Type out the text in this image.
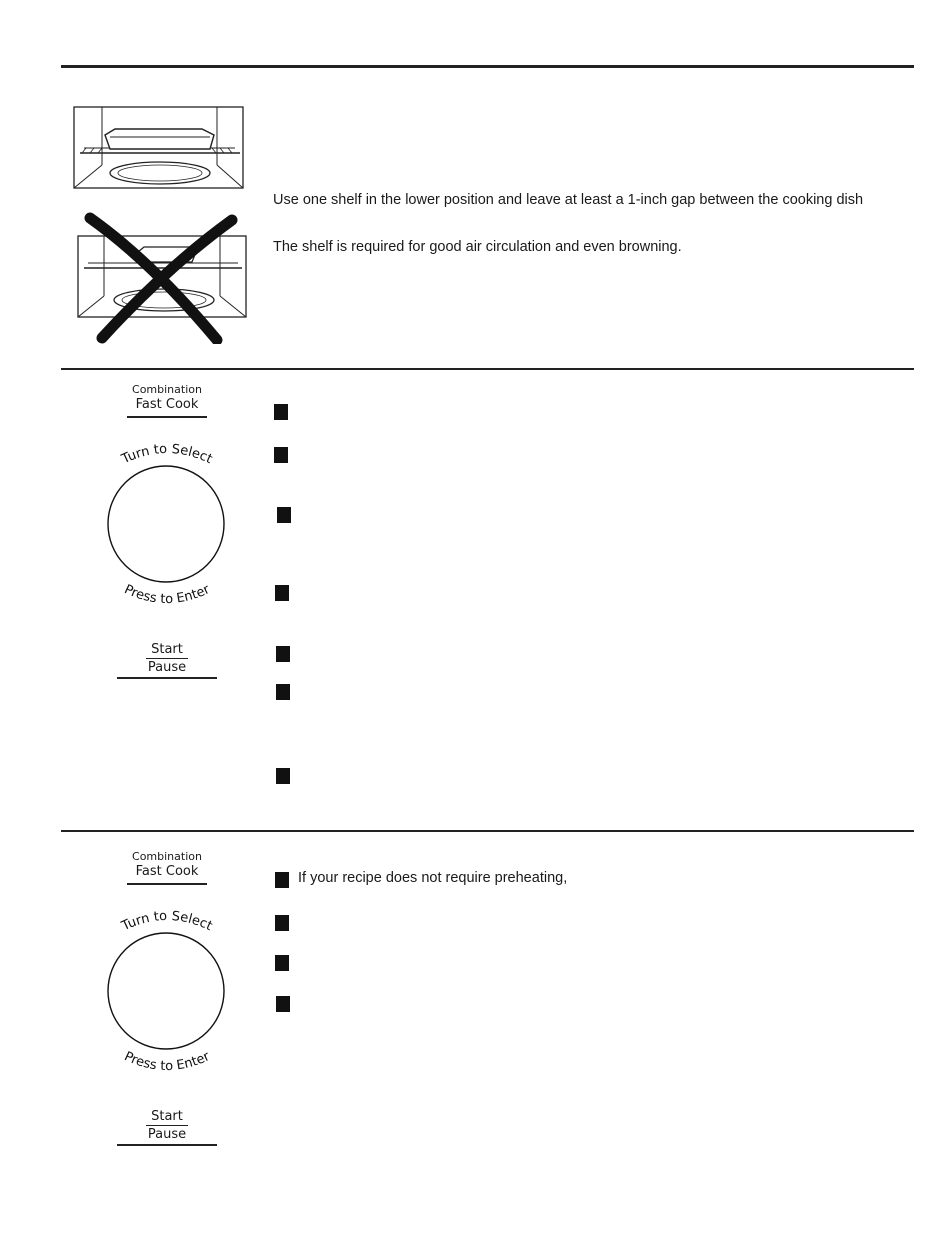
Use one shelf in the lower position and leave at least a 1-inch gap between the cooking dish
The shelf is required for good air circulation and even browning.
Combination
Fast Cook
Turn to Select
Press to Enter
Start
Pause
Combination
Fast Cook
Turn to Select
Press to Enter
Start
Pause
If your recipe does not require preheating,
